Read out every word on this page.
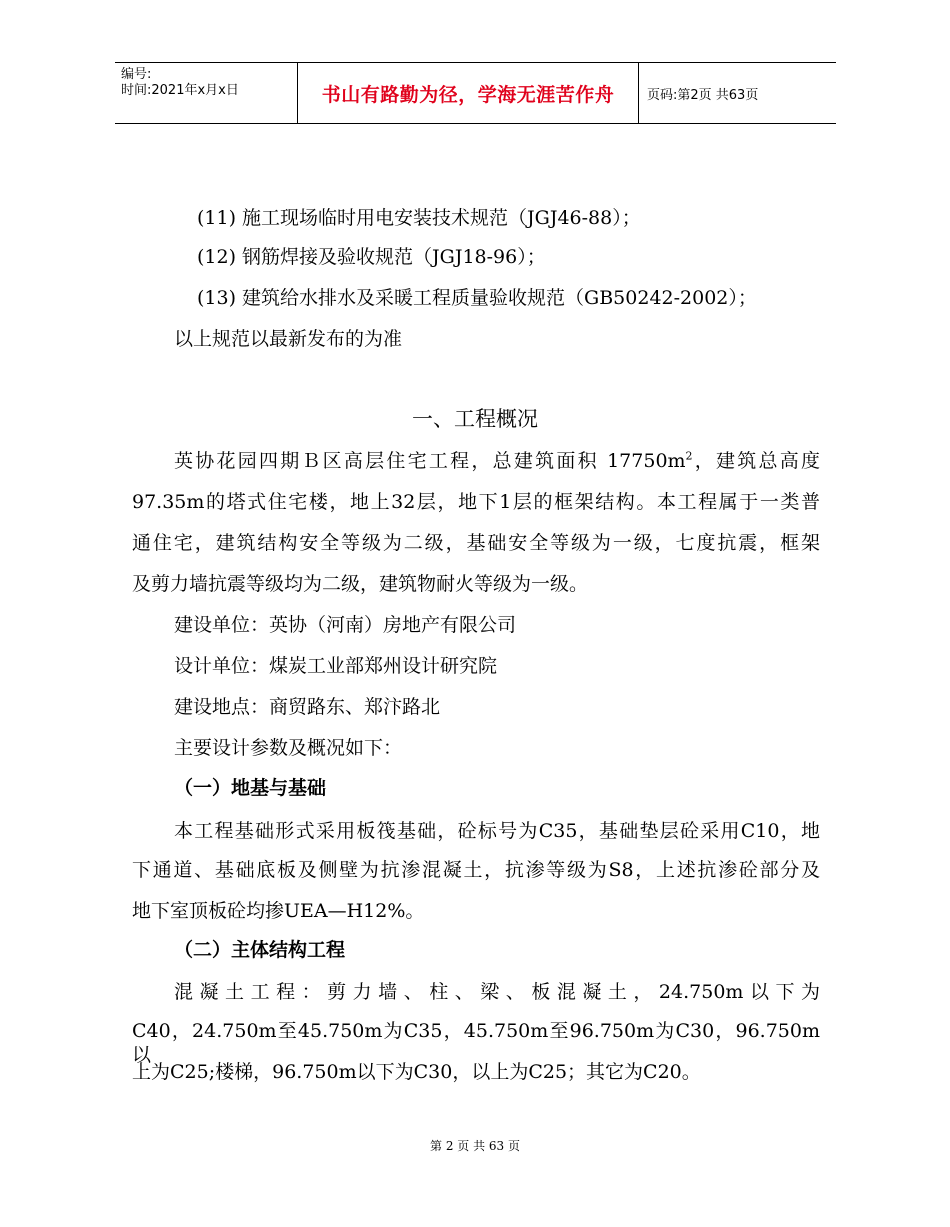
编号:
时间:2021年x月x日	书山有路勤为径，学海无涯苦作舟	页码:第2页 共63页
(11) 施工现场临时用电安装技术规范（JGJ46-88）；
(12) 钢筋焊接及验收规范（JGJ18-96）；
(13) 建筑给水排水及采暖工程质量验收规范（GB50242-2002）；
以上规范以最新发布的为准
一、工程概况
英协花园四期Ｂ区高层住宅工程，总建筑面积 $17750m^2$，建筑总高度
97.35m的塔式住宅楼，地上32层，地下1层的框架结构。本工程属于一类普
通住宅，建筑结构安全等级为二级，基础安全等级为一级，七度抗震，框架
及剪力墙抗震等级均为二级，建筑物耐火等级为一级。
建设单位：英协（河南）房地产有限公司
设计单位：煤炭工业部郑州设计研究院
建设地点：商贸路东、郑汴路北
主要设计参数及概况如下：
（一）地基与基础
本工程基础形式采用板筏基础，砼标号为C35，基础垫层砼采用C10，地
下通道、基础底板及侧壁为抗渗混凝土，抗渗等级为S8，上述抗渗砼部分及
地下室顶板砼均掺UEA—H12%。
（二）主体结构工程
混凝土工程：剪力墙、柱、梁、板混凝土，24.750m以下为
C40，24.750m至45.750m为C35，45.750m至96.750m为C30，96.750m以
上为C25;楼梯，96.750m以下为C30，以上为C25；其它为C20。
第 2 页 共 63 页
